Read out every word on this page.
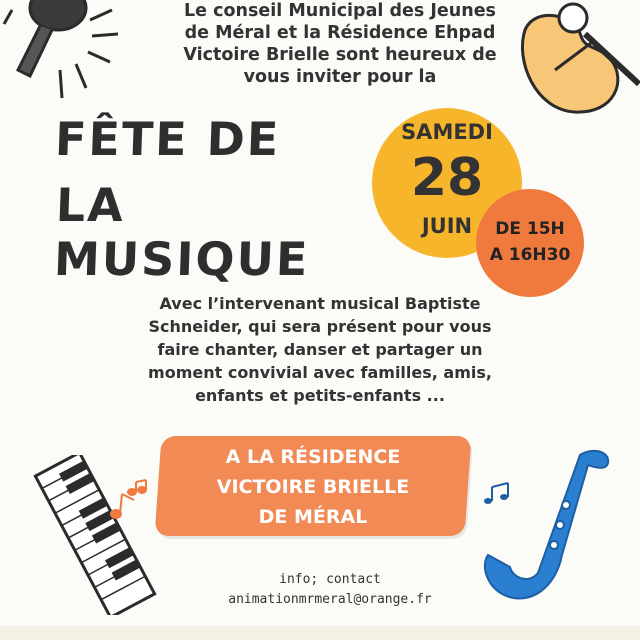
Le conseil Municipal des Jeunes
de Méral et la Résidence Ehpad
Victoire Brielle sont heureux de
vous inviter pour la
FÊTE DE
LA MUSIQUE
SAMEDI
28
JUIN	DE 15H
A 16H30
Avec l’intervenant musical Baptiste
Schneider, qui sera présent pour vous
faire chanter, danser et partager un
moment convivial avec familles, amis,
enfants et petits-enfants ...
A LA RÉSIDENCE
VICTOIRE BRIELLE
DE MÉRAL
info; contact
animationmrmeral@orange.fr
